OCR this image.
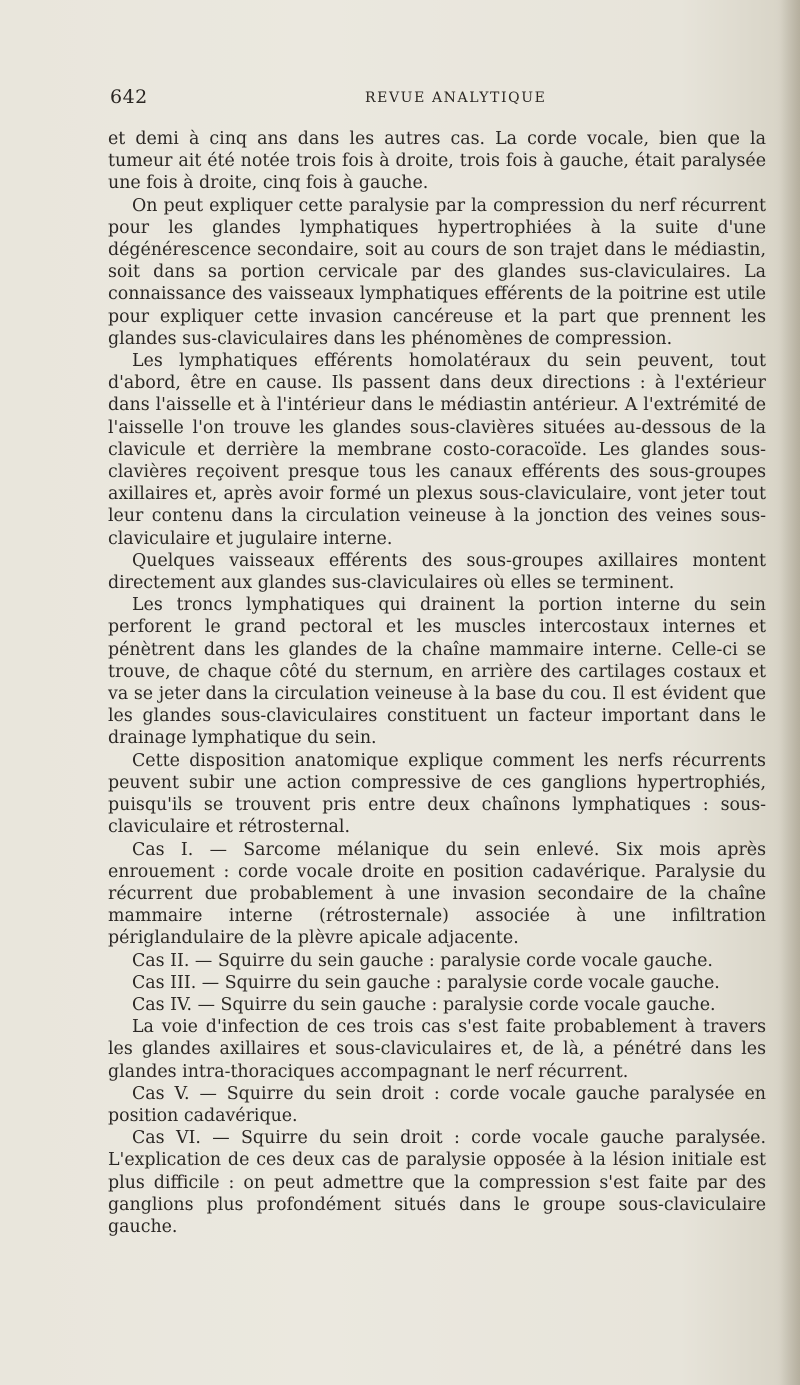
642	REVUE ANALYTIQUE

et demi à cinq ans dans les autres cas. La corde vocale, bien que la tumeur ait été notée trois fois à droite, trois fois à gauche, était paralysée une fois à droite, cinq fois à gauche.

On peut expliquer cette paralysie par la compression du nerf récurrent pour les glandes lymphatiques hypertrophiées à la suite d'une dégénérescence secondaire, soit au cours de son trajet dans le médiastin, soit dans sa portion cervicale par des glandes sus-claviculaires. La connaissance des vaisseaux lymphatiques efférents de la poitrine est utile pour expliquer cette invasion cancéreuse et la part que prennent les glandes sus-claviculaires dans les phénomènes de compression.

Les lymphatiques efférents homolatéraux du sein peuvent, tout d'abord, être en cause. Ils passent dans deux directions : à l'extérieur dans l'aisselle et à l'intérieur dans le médiastin antérieur. A l'extrémité de l'aisselle l'on trouve les glandes sous-clavières situées au-dessous de la clavicule et derrière la membrane costo-coracoïde. Les glandes sous-clavières reçoivent presque tous les canaux efférents des sous-groupes axillaires et, après avoir formé un plexus sous-claviculaire, vont jeter tout leur contenu dans la circulation veineuse à la jonction des veines sous-claviculaire et jugulaire interne.

Quelques vaisseaux efférents des sous-groupes axillaires montent directement aux glandes sus-claviculaires où elles se terminent.

Les troncs lymphatiques qui drainent la portion interne du sein perforent le grand pectoral et les muscles intercostaux internes et pénètrent dans les glandes de la chaîne mammaire interne. Celle-ci se trouve, de chaque côté du sternum, en arrière des cartilages costaux et va se jeter dans la circulation veineuse à la base du cou. Il est évident que les glandes sous-claviculaires constituent un facteur important dans le drainage lymphatique du sein.

Cette disposition anatomique explique comment les nerfs récurrents peuvent subir une action compressive de ces ganglions hypertrophiés, puisqu'ils se trouvent pris entre deux chaînons lymphatiques : sous-claviculaire et rétrosternal.

Cas I. — Sarcome mélanique du sein enlevé. Six mois après enrouement : corde vocale droite en position cadavérique. Paralysie du récurrent due probablement à une invasion secondaire de la chaîne mammaire interne (rétrosternale) associée à une infiltration périglandulaire de la plèvre apicale adjacente.

Cas II. — Squirre du sein gauche : paralysie corde vocale gauche.

Cas III. — Squirre du sein gauche : paralysie corde vocale gauche.

Cas IV. — Squirre du sein gauche : paralysie corde vocale gauche.

La voie d'infection de ces trois cas s'est faite probablement à travers les glandes axillaires et sous-claviculaires et, de là, a pénétré dans les glandes intra-thoraciques accompagnant le nerf récurrent.

Cas V. — Squirre du sein droit : corde vocale gauche paralysée en position cadavérique.

Cas VI. — Squirre du sein droit : corde vocale gauche paralysée. L'explication de ces deux cas de paralysie opposée à la lésion initiale est plus difficile : on peut admettre que la compression s'est faite par des ganglions plus profondément situés dans le groupe sous-claviculaire gauche.
